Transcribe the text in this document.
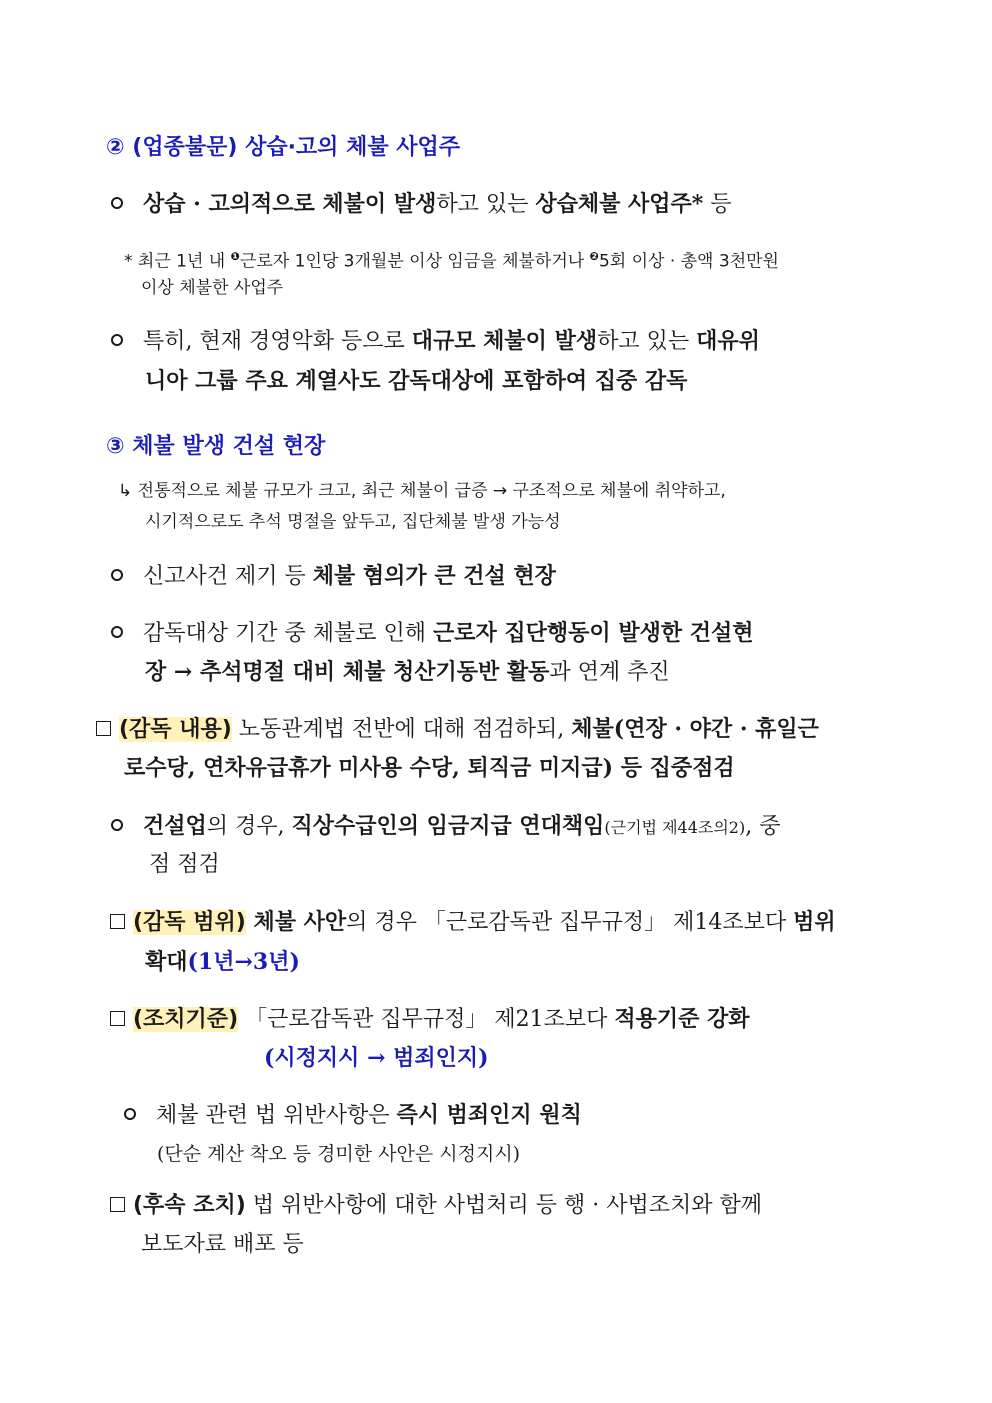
② (업종불문) 상습·고의 체불 사업주
상습 · 고의적으로 체불이 발생하고 있는 상습체불 사업주* 등
* 최근 1년 내 $^❶$근로자 1인당 3개월분 이상 임금을 체불하거나 $^❷$5회 이상 · 총액 3천만원
이상 체불한 사업주
특히, 현재 경영악화 등으로 대규모 체불이 발생하고 있는 대유위
니아 그룹 주요 계열사도 감독대상에 포함하여 집중 감독
③ 체불 발생 건설 현장
↳ 전통적으로 체불 규모가 크고, 최근 체불이 급증 → 구조적으로 체불에 취약하고,
시기적으로도 추석 명절을 앞두고, 집단체불 발생 가능성
신고사건 제기 등 체불 혐의가 큰 건설 현장
감독대상 기간 중 체불로 인해 근로자 집단행동이 발생한 건설현
장 → 추석명절 대비 체불 청산기동반 활동과 연계 추진
(감독 내용) 노동관계법 전반에 대해 점검하되, 체불(연장 · 야간 · 휴일근
로수당, 연차유급휴가 미사용 수당, 퇴직금 미지급) 등 집중점검
건설업의 경우, 직상수급인의 임금지급 연대책임(근기법 제44조의2), 중
점 점검
(감독 범위) 체불 사안의 경우 「근로감독관 집무규정」 제14조보다 범위
확대(1년→3년)
(조치기준) 「근로감독관 집무규정」 제21조보다 적용기준 강화
(시정지시 → 범죄인지)
체불 관련 법 위반사항은 즉시 범죄인지 원칙
(단순 계산 착오 등 경미한 사안은 시정지시)
(후속 조치) 법 위반사항에 대한 사법처리 등 행 · 사법조치와 함께
보도자료 배포 등
